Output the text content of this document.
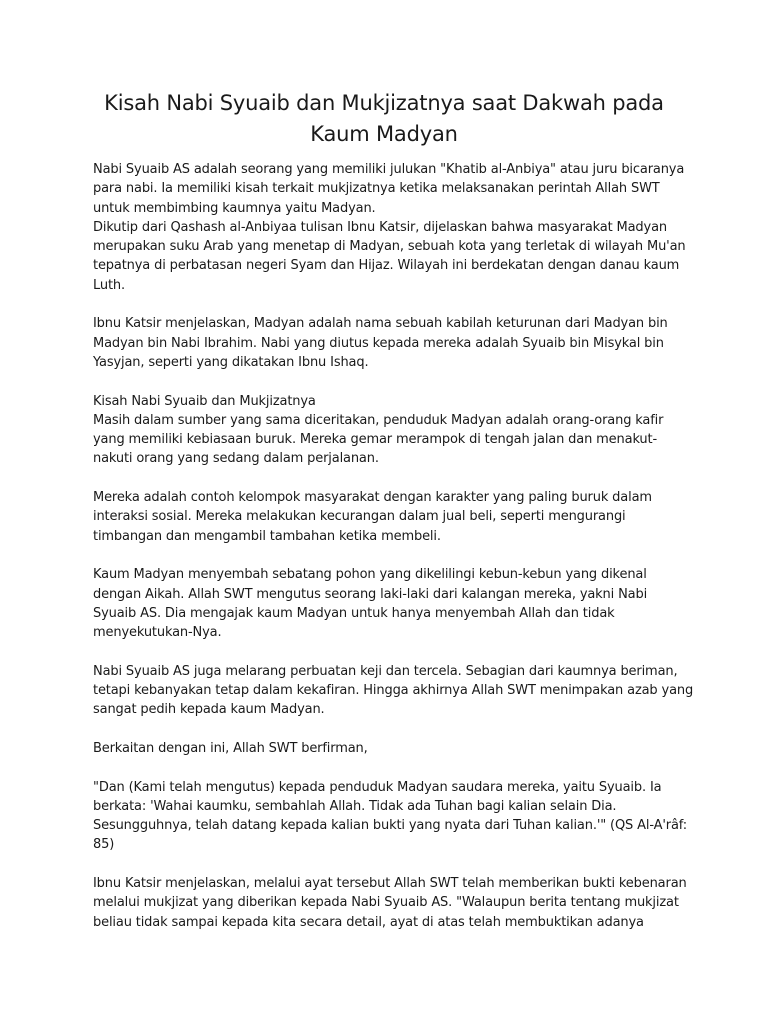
Kisah Nabi Syuaib dan Mukjizatnya saat Dakwah pada
Kaum Madyan
Nabi Syuaib AS adalah seorang yang memiliki julukan "Khatib al-Anbiya" atau juru bicaranya
para nabi. Ia memiliki kisah terkait mukjizatnya ketika melaksanakan perintah Allah SWT
untuk membimbing kaumnya yaitu Madyan.
Dikutip dari Qashash al-Anbiyaa tulisan Ibnu Katsir, dijelaskan bahwa masyarakat Madyan
merupakan suku Arab yang menetap di Madyan, sebuah kota yang terletak di wilayah Mu'an
tepatnya di perbatasan negeri Syam dan Hijaz. Wilayah ini berdekatan dengan danau kaum
Luth.
Ibnu Katsir menjelaskan, Madyan adalah nama sebuah kabilah keturunan dari Madyan bin
Madyan bin Nabi Ibrahim. Nabi yang diutus kepada mereka adalah Syuaib bin Misykal bin
Yasyjan, seperti yang dikatakan Ibnu Ishaq.
Kisah Nabi Syuaib dan Mukjizatnya
Masih dalam sumber yang sama diceritakan, penduduk Madyan adalah orang-orang kafir
yang memiliki kebiasaan buruk. Mereka gemar merampok di tengah jalan dan menakut-
nakuti orang yang sedang dalam perjalanan.
Mereka adalah contoh kelompok masyarakat dengan karakter yang paling buruk dalam
interaksi sosial. Mereka melakukan kecurangan dalam jual beli, seperti mengurangi
timbangan dan mengambil tambahan ketika membeli.
Kaum Madyan menyembah sebatang pohon yang dikelilingi kebun-kebun yang dikenal
dengan Aikah. Allah SWT mengutus seorang laki-laki dari kalangan mereka, yakni Nabi
Syuaib AS. Dia mengajak kaum Madyan untuk hanya menyembah Allah dan tidak
menyekutukan-Nya.
Nabi Syuaib AS juga melarang perbuatan keji dan tercela. Sebagian dari kaumnya beriman,
tetapi kebanyakan tetap dalam kekafiran. Hingga akhirnya Allah SWT menimpakan azab yang
sangat pedih kepada kaum Madyan.
Berkaitan dengan ini, Allah SWT berfirman,
"Dan (Kami telah mengutus) kepada penduduk Madyan saudara mereka, yaitu Syuaib. Ia
berkata: 'Wahai kaumku, sembahlah Allah. Tidak ada Tuhan bagi kalian selain Dia.
Sesungguhnya, telah datang kepada kalian bukti yang nyata dari Tuhan kalian.'" (QS Al-A'râf:
85)
Ibnu Katsir menjelaskan, melalui ayat tersebut Allah SWT telah memberikan bukti kebenaran
melalui mukjizat yang diberikan kepada Nabi Syuaib AS. "Walaupun berita tentang mukjizat
beliau tidak sampai kepada kita secara detail, ayat di atas telah membuktikan adanya
